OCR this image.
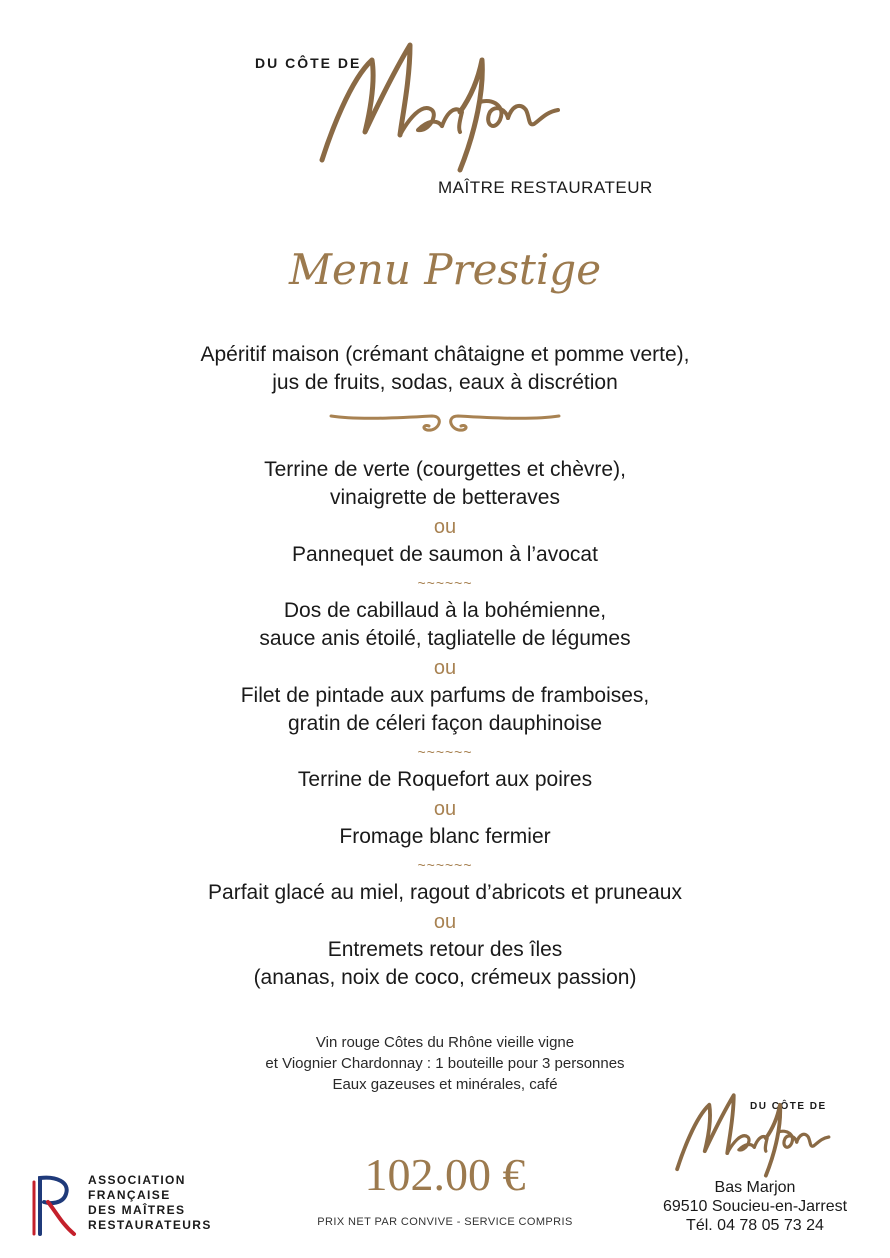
DU CÔTE DE
MAÎTRE RESTAURATEUR
Menu Prestige
Apéritif maison (crémant châtaigne et pomme verte),
jus de fruits, sodas, eaux à discrétion
Terrine de verte (courgettes et chèvre),
vinaigrette de betteraves
ou
Pannequet de saumon à l’avocat
~~~~~~
Dos de cabillaud à la bohémienne,
sauce anis étoilé, tagliatelle de légumes
ou
Filet de pintade aux parfums de framboises,
gratin de céleri façon dauphinoise
~~~~~~
Terrine de Roquefort aux poires
ou
Fromage blanc fermier
~~~~~~
Parfait glacé au miel, ragout d’abricots et pruneaux
ou
Entremets retour des îles
(ananas, noix de coco, crémeux passion)
Vin rouge Côtes du Rhône vieille vigne
et Viognier Chardonnay : 1 bouteille pour 3 personnes
Eaux gazeuses et minérales, café
ASSOCIATION
FRANÇAISE
DES MAÎTRES
RESTAURATEURS
102.00 €
PRIX NET PAR CONVIVE - SERVICE COMPRIS
DU CÔTE DE
Bas Marjon
69510 Soucieu-en-Jarrest
Tél. 04 78 05 73 24
